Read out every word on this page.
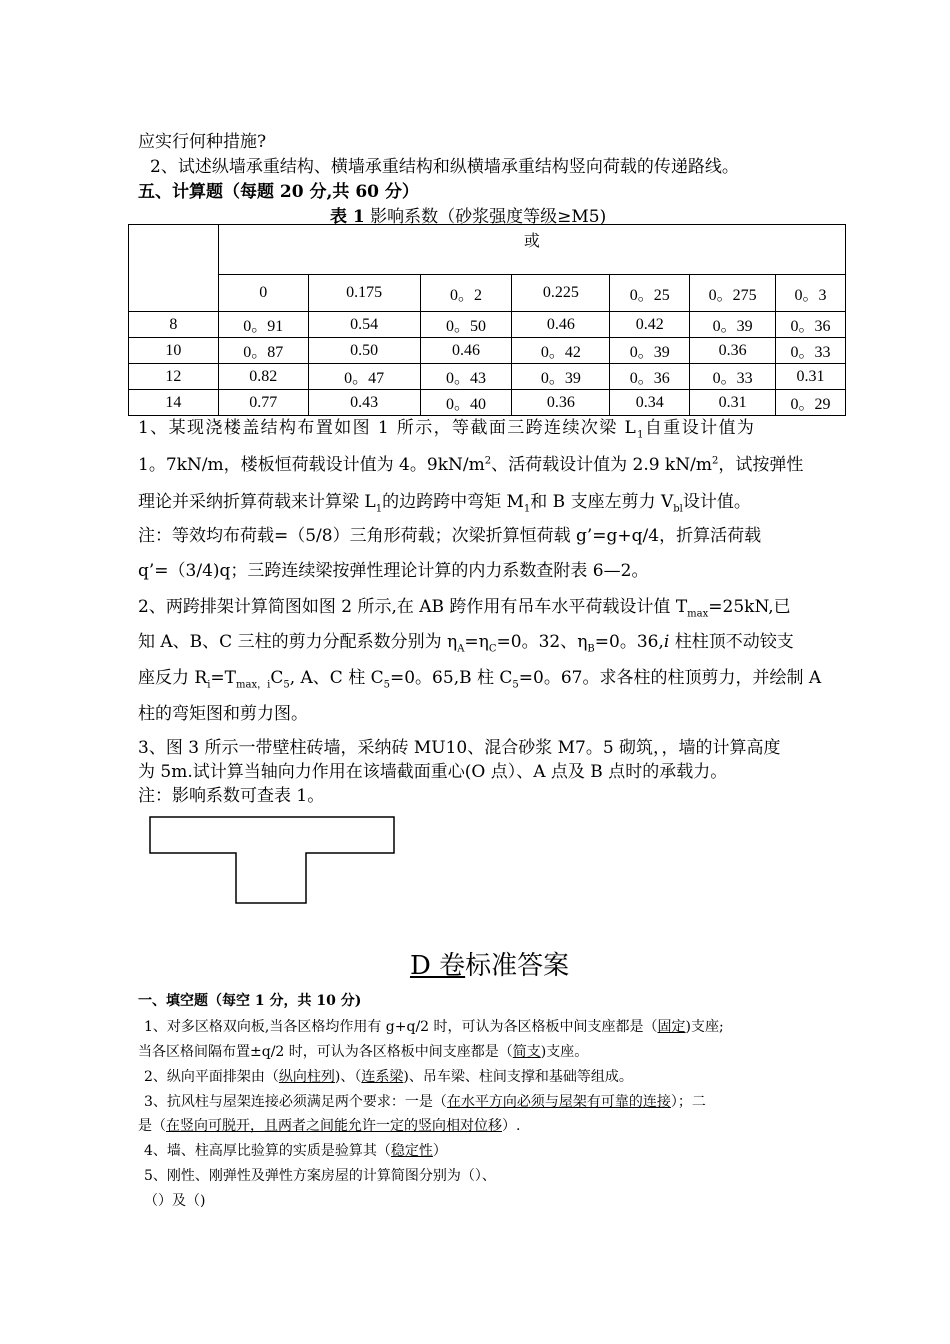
应实行何种措施?
2、试述纵墙承重结构、横墙承重结构和纵横墙承重结构竖向荷载的传递路线。
五、计算题（每题 20 分,共 60 分）
表 1 影响系数（砂浆强度等级≥M5)
	或						
	0	0.175	0。2	0.225	0。25	0。275	0。3
8	0。91	0.54	0。50	0.46	0.42	0。39	0。36
10	0。87	0.50	0.46	0。42	0。39	0.36	0。33
12	0.82	0。47	0。43	0。39	0。36	0。33	0.31
14	0.77	0.43	0。40	0.36	0.34	0.31	0。29
1、某现浇楼盖结构布置如图 1 所示，等截面三跨连续次梁 $L_1$自重设计值为
1。7kN/m，楼板恒荷载设计值为 4。$9kN/m^2$、活荷载设计值为 2.9 $kN/m^2$，试按弹性
理论并采纳折算荷载来计算梁 $L_1$的边跨跨中弯矩 $M_1$和 B 支座左剪力 $V_{bl}$设计值。
注：等效均布荷载=（5/8）三角形荷载；次梁折算恒荷载 g’=g+q/4，折算活荷载
q’=（3/4)q；三跨连续梁按弹性理论计算的内力系数查附表 6—2。
2、两跨排架计算简图如图 2 所示,在 AB 跨作用有吊车水平荷载设计值 $T_{max}=25kN$,已
知 A、B、C 三柱的剪力分配系数分别为 $\eta_A=\eta_C=0$。32、$\eta_B=0$。36,i 柱柱顶不动铰支
座反力 $R_i=T_{max,i}C_5$, A、C 柱 $C_5=0$。65,B 柱 $C_5=0$。67。求各柱的柱顶剪力，并绘制 A
柱的弯矩图和剪力图。
3、图 3 所示一带壁柱砖墙，采纳砖 MU10、混合砂浆 M7。5 砌筑，，墙的计算高度
为 5m.试计算当轴向力作用在该墙截面重心(O 点）、A 点及 B 点时的承载力。
注：影响系数可查表 1。
D 卷标准答案
一、填空题（每空 1 分，共 10 分)
1、对多区格双向板,当各区格均作用有 g+q/2 时，可认为各区格板中间支座都是（固定)支座;
当各区格间隔布置±q/2 时，可认为各区格板中间支座都是（简支)支座。
2、纵向平面排架由（纵向柱列)、（连系梁)、吊车梁、柱间支撑和基础等组成。
3、抗风柱与屋架连接必须满足两个要求：一是（在水平方向必须与屋架有可靠的连接）；二
是（在竖向可脱开，且两者之间能允许一定的竖向相对位移）.
4、墙、柱高厚比验算的实质是验算其（稳定性）
5、刚性、刚弹性及弹性方案房屋的计算简图分别为（）、
（）及（)
